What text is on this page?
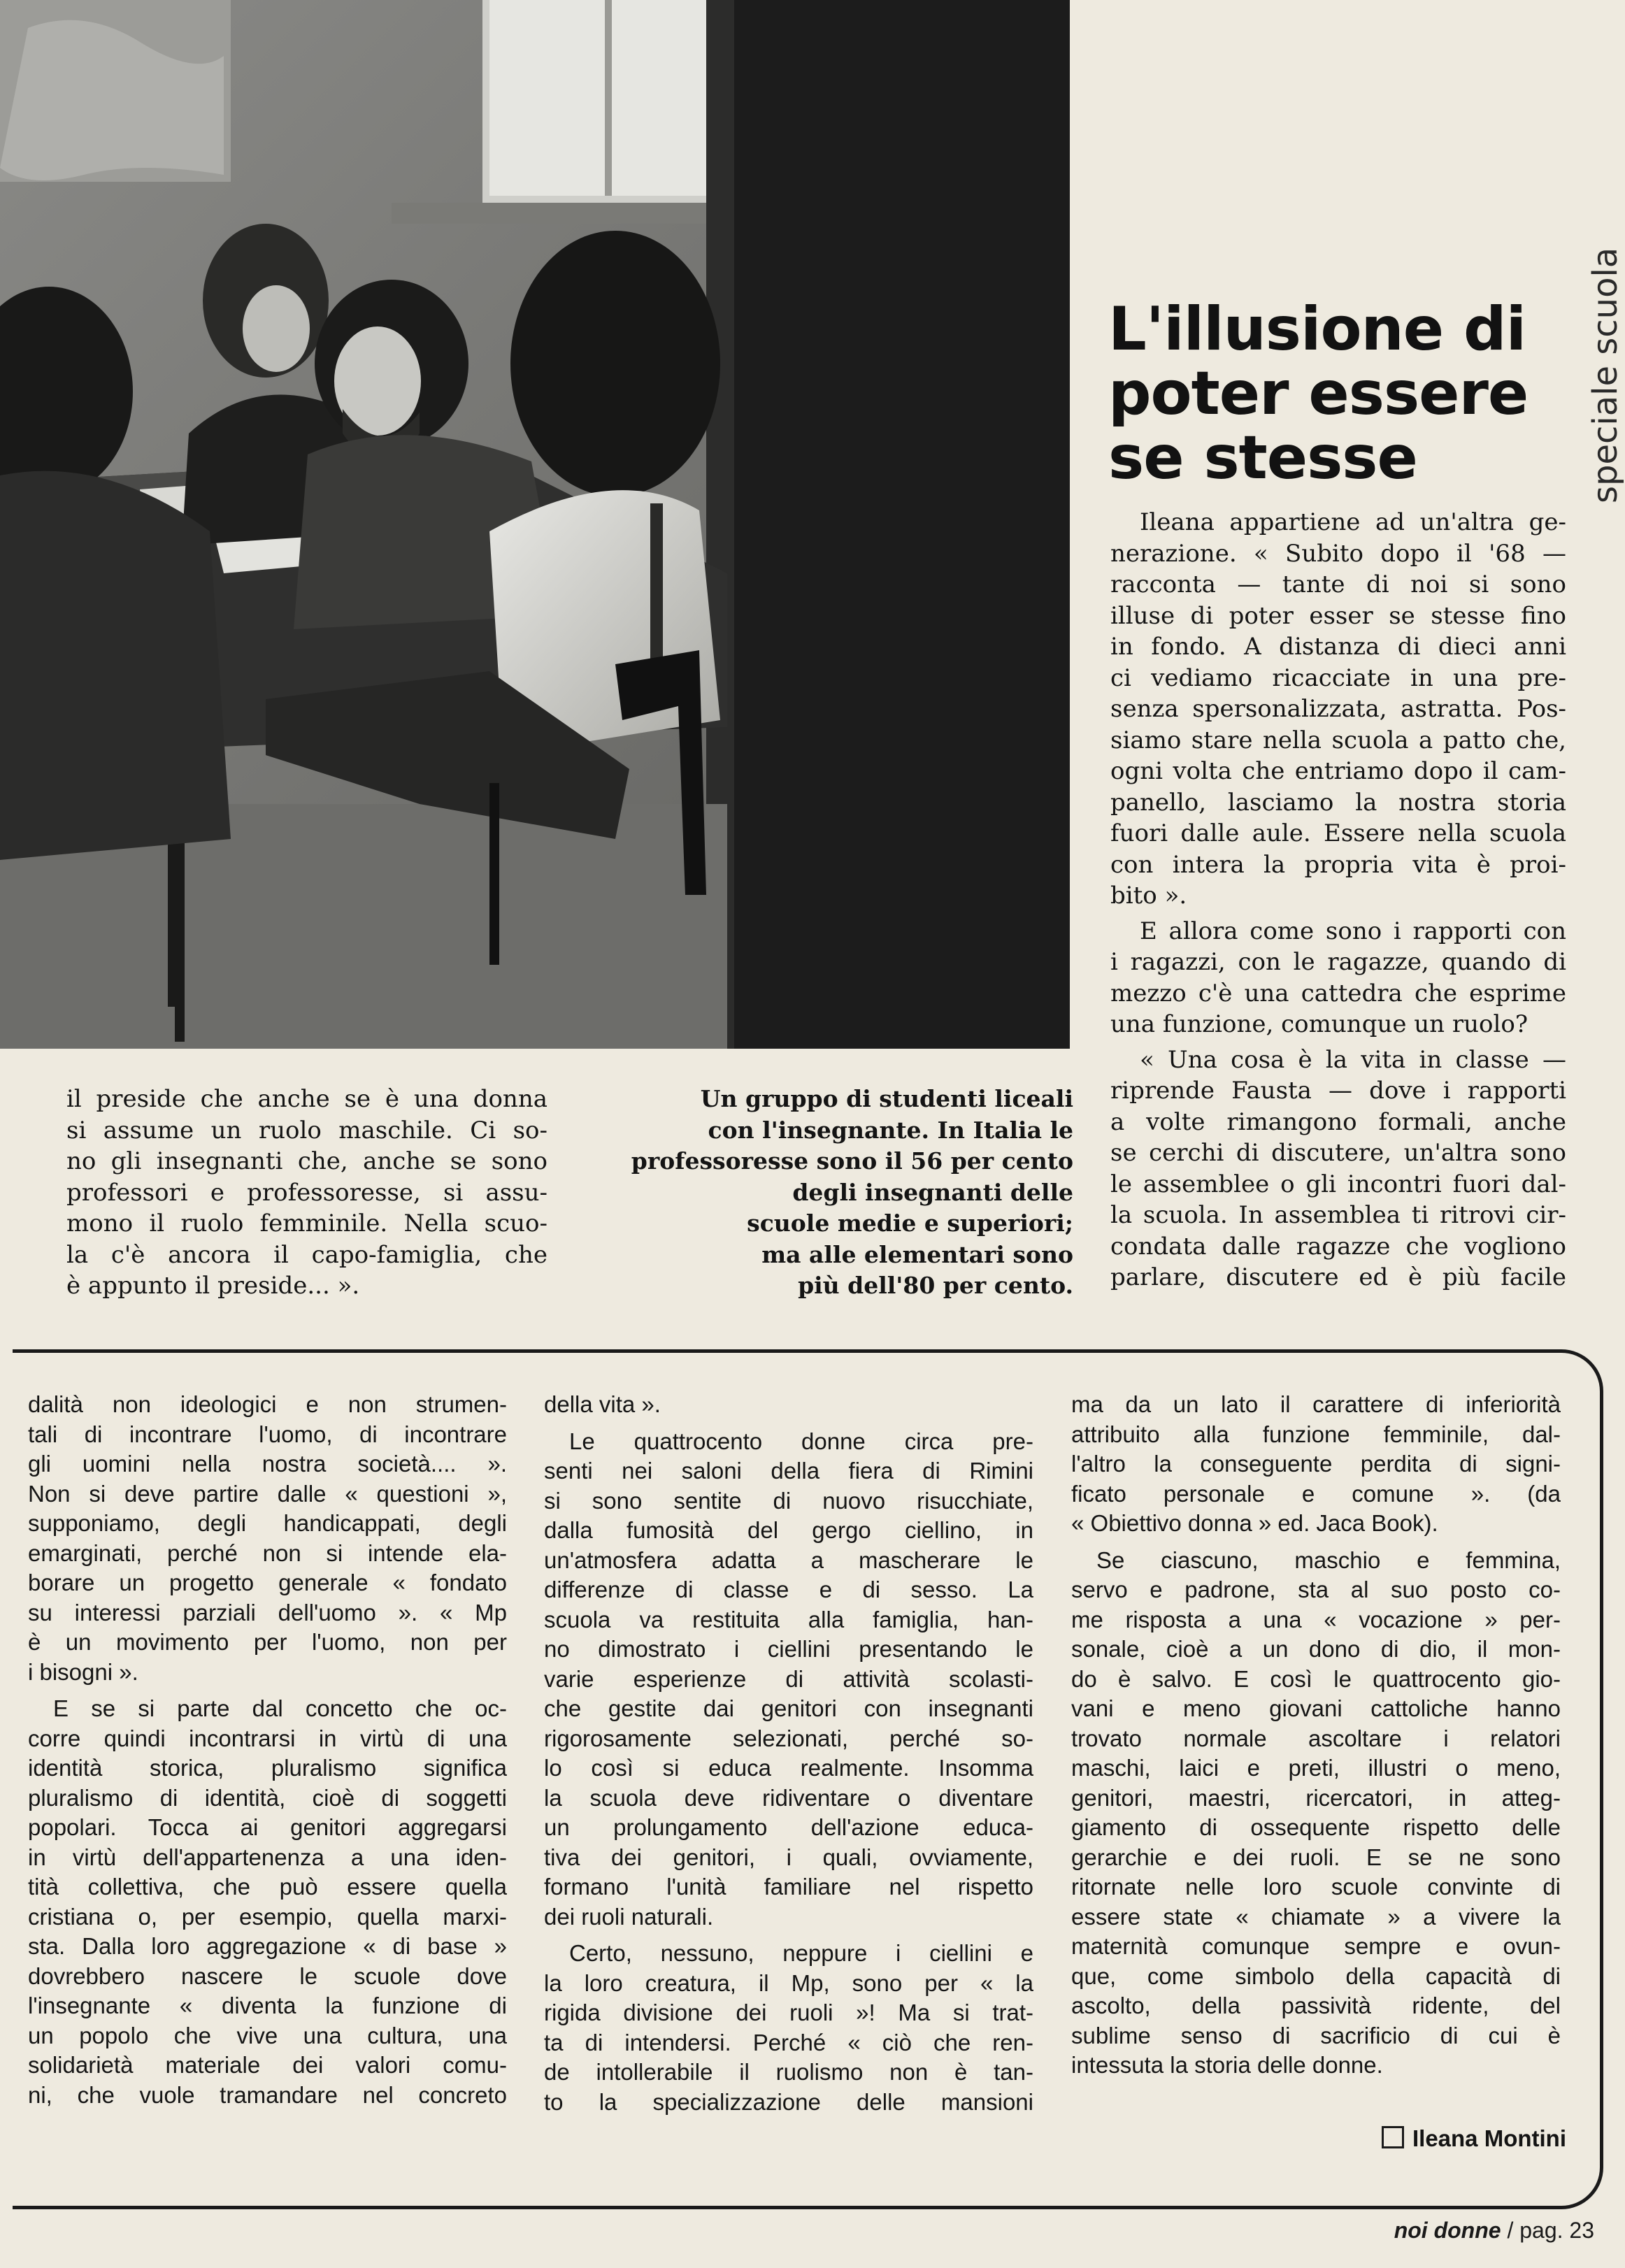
L'illusione di
poter essere
se stesse	speciale scuola

Ileana appartiene ad un'altra ge-
nerazione. « Subito dopo il '68 —
racconta — tante di noi si sono
illuse di poter esser se stesse fino
in fondo. A distanza di dieci anni
ci vediamo ricacciate in una pre-
senza spersonalizzata, astratta. Pos-
siamo stare nella scuola a patto che,
ogni volta che entriamo dopo il cam-
panello, lasciamo la nostra storia
fuori dalle aule. Essere nella scuola
con intera la propria vita è proi-
bito ».

E allora come sono i rapporti con
i ragazzi, con le ragazze, quando di
mezzo c'è una cattedra che esprime
una funzione, comunque un ruolo?

« Una cosa è la vita in classe —
riprende Fausta — dove i rapporti
a volte rimangono formali, anche
se cerchi di discutere, un'altra sono
le assemblee o gli incontri fuori dal-
la scuola. In assemblea ti ritrovi cir-
condata dalle ragazze che vogliono
parlare, discutere ed è più facile

il preside che anche se è una donna
si assume un ruolo maschile. Ci so-
no gli insegnanti che, anche se sono
professori e professoresse, si assu-
mono il ruolo femminile. Nella scuo-
la c'è ancora il capo-famiglia, che
è appunto il preside... ».
Un gruppo di studenti liceali
con l'insegnante. In Italia le
professoresse sono il 56 per cento
degli insegnanti delle
scuole medie e superiori;
ma alle elementari sono
più dell'80 per cento.
dalità non ideologici e non strumen-
tali di incontrare l'uomo, di incontrare
gli uomini nella nostra società.... ».
Non si deve partire dalle « questioni »,
supponiamo, degli handicappati, degli
emarginati, perché non si intende ela-
borare un progetto generale « fondato
su interessi parziali dell'uomo ». « Mp
è un movimento per l'uomo, non per
i bisogni ».
E se si parte dal concetto che oc-
corre quindi incontrarsi in virtù di una
identità storica, pluralismo significa
pluralismo di identità, cioè di soggetti
popolari. Tocca ai genitori aggregarsi
in virtù dell'appartenenza a una iden-
tità collettiva, che può essere quella
cristiana o, per esempio, quella marxi-
sta. Dalla loro aggregazione « di base »
dovrebbero nascere le scuole dove
l'insegnante « diventa la funzione di
un popolo che vive una cultura, una
solidarietà materiale dei valori comu-
ni, che vuole tramandare nel concreto
della vita ».
Le quattrocento donne circa pre-
senti nei saloni della fiera di Rimini
si sono sentite di nuovo risucchiate,
dalla fumosità del gergo ciellino, in
un'atmosfera adatta a mascherare le
differenze di classe e di sesso. La
scuola va restituita alla famiglia, han-
no dimostrato i ciellini presentando le
varie esperienze di attività scolasti-
che gestite dai genitori con insegnanti
rigorosamente selezionati, perché so-
lo così si educa realmente. Insomma
la scuola deve ridiventare o diventare
un prolungamento dell'azione educa-
tiva dei genitori, i quali, ovviamente,
formano l'unità familiare nel rispetto
dei ruoli naturali.
Certo, nessuno, neppure i ciellini e
la loro creatura, il Mp, sono per « la
rigida divisione dei ruoli »! Ma si trat-
ta di intendersi. Perché « ciò che ren-
de intollerabile il ruolismo non è tan-
to la specializzazione delle mansioni
ma da un lato il carattere di inferiorità
attribuito alla funzione femminile, dal-
l'altro la conseguente perdita di signi-
ficato personale e comune ». (da
« Obiettivo donna » ed. Jaca Book).
Se ciascuno, maschio e femmina,
servo e padrone, sta al suo posto co-
me risposta a una « vocazione » per-
sonale, cioè a un dono di dio, il mon-
do è salvo. E così le quattrocento gio-
vani e meno giovani cattoliche hanno
trovato normale ascoltare i relatori
maschi, laici e preti, illustri o meno,
genitori, maestri, ricercatori, in atteg-
giamento di ossequente rispetto delle
gerarchie e dei ruoli. E se ne sono
ritornate nelle loro scuole convinte di
essere state « chiamate » a vivere la
maternità comunque sempre e ovun-
que, come simbolo della capacità di
ascolto, della passività ridente, del
sublime senso di sacrificio di cui è
intessuta la storia delle donne.
Ileana Montini
noi donne / pag. 23
